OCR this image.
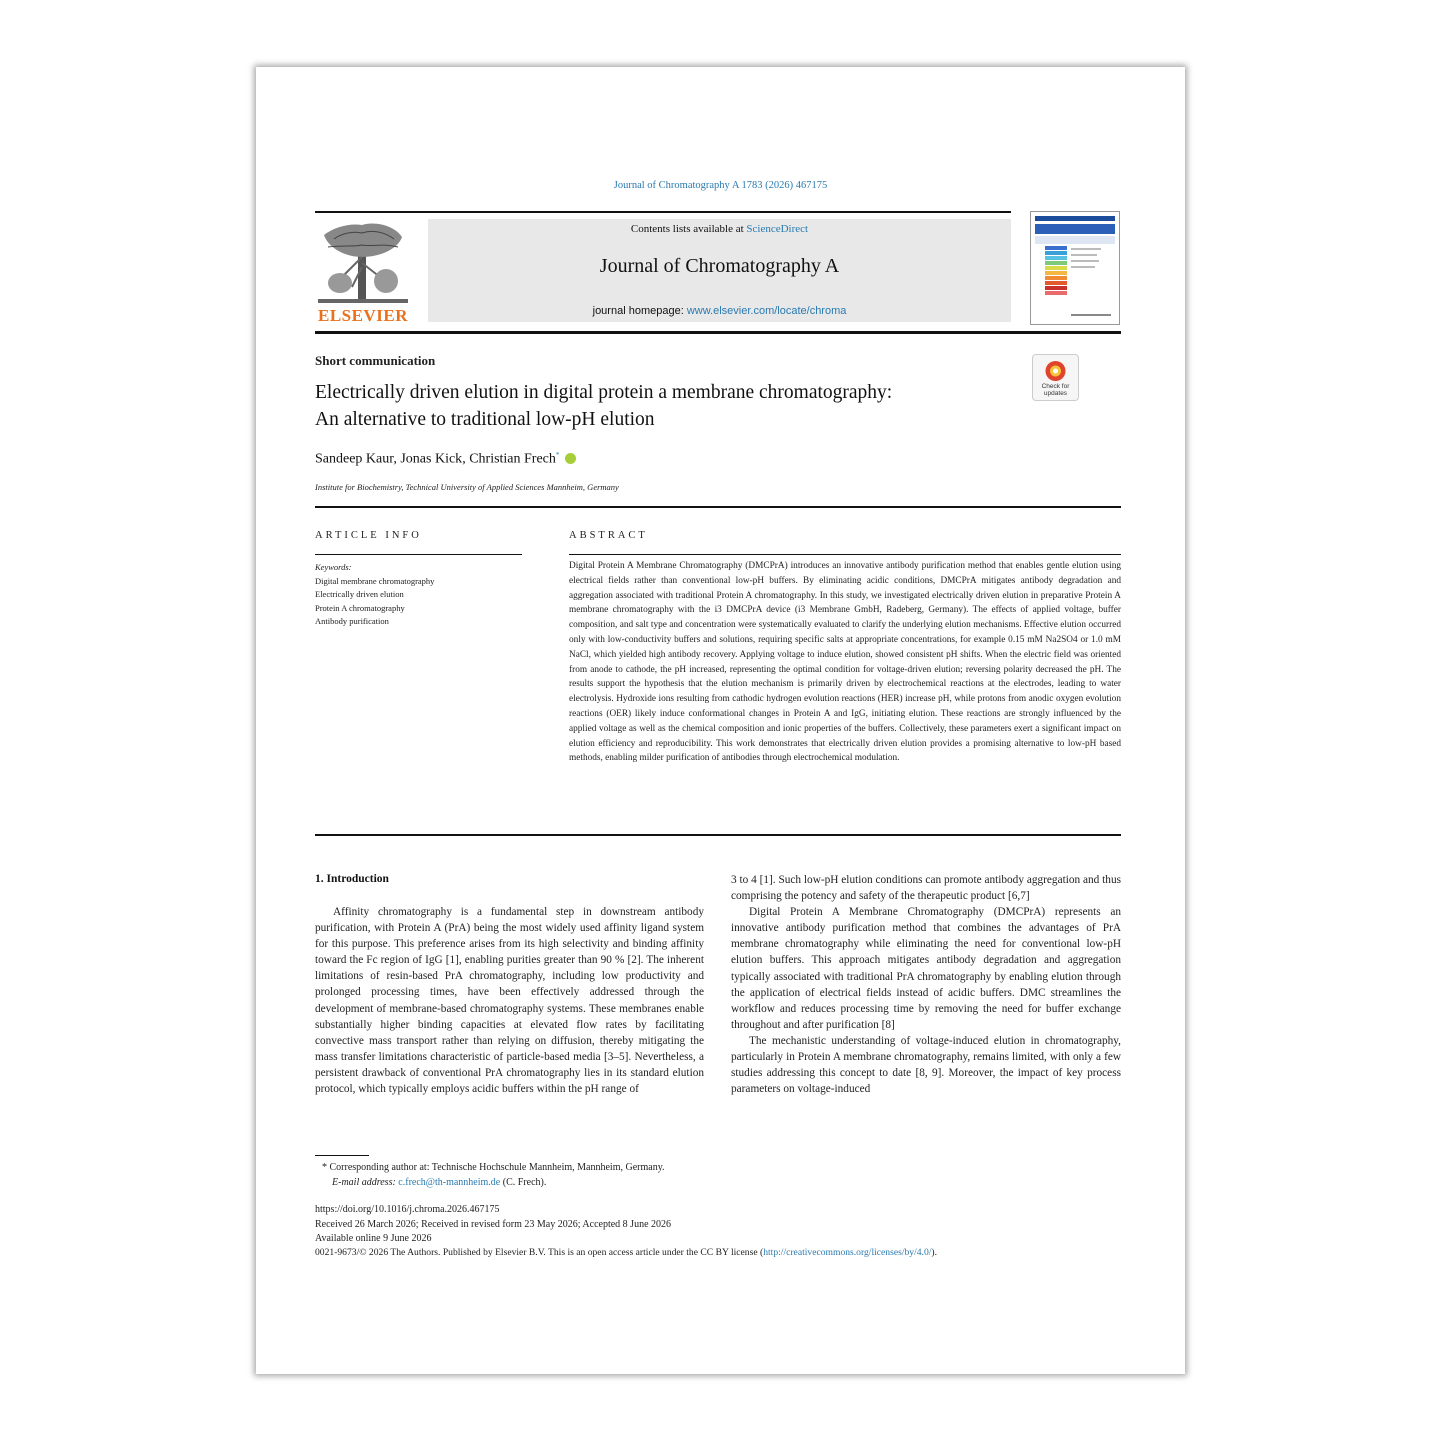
Journal of Chromatography A 1783 (2026) 467175
ELSEVIER
Contents lists available at ScienceDirect
Journal of Chromatography A
journal homepage: www.elsevier.com/locate/chroma
Short communication
Electrically driven elution in digital protein a membrane chromatography:
An alternative to traditional low-pH elution
Check for updates
Sandeep Kaur, Jonas Kick, Christian Frech*
Institute for Biochemistry, Technical University of Applied Sciences Mannheim, Germany
ARTICLE INFO
Keywords:
Digital membrane chromatography
Electrically driven elution
Protein A chromatography
Antibody purification
ABSTRACT
Digital Protein A Membrane Chromatography (DMCPrA) introduces an innovative antibody purification method that enables gentle elution using electrical fields rather than conventional low-pH buffers. By eliminating acidic conditions, DMCPrA mitigates antibody degradation and aggregation associated with traditional Protein A chromatography. In this study, we investigated electrically driven elution in preparative Protein A membrane chromatography with the i3 DMCPrA device (i3 Membrane GmbH, Radeberg, Germany). The effects of applied voltage, buffer composition, and salt type and concentration were systematically evaluated to clarify the underlying elution mechanisms. Effective elution occurred only with low-conductivity buffers and solutions, requiring specific salts at appropriate concentrations, for example 0.15 mM Na2SO4 or 1.0 mM NaCl, which yielded high antibody recovery. Applying voltage to induce elution, showed consistent pH shifts. When the electric field was oriented from anode to cathode, the pH increased, representing the optimal condition for voltage-driven elution; reversing polarity decreased the pH. The results support the hypothesis that the elution mechanism is primarily driven by electrochemical reactions at the electrodes, leading to water electrolysis. Hydroxide ions resulting from cathodic hydrogen evolution reactions (HER) increase pH, while protons from anodic oxygen evolution reactions (OER) likely induce conformational changes in Protein A and IgG, initiating elution. These reactions are strongly influenced by the applied voltage as well as the chemical composition and ionic properties of the buffers. Collectively, these parameters exert a significant impact on elution efficiency and reproducibility. This work demonstrates that electrically driven elution provides a promising alternative to low-pH based methods, enabling milder purification of antibodies through electrochemical modulation.
1. Introduction

Affinity chromatography is a fundamental step in downstream antibody purification, with Protein A (PrA) being the most widely used affinity ligand system for this purpose. This preference arises from its high selectivity and binding affinity toward the Fc region of IgG [1], enabling purities greater than 90 % [2]. The inherent limitations of resin-based PrA chromatography, including low productivity and prolonged processing times, have been effectively addressed through the development of membrane-based chromatography systems. These membranes enable substantially higher binding capacities at elevated flow rates by facilitating convective mass transport rather than relying on diffusion, thereby mitigating the mass transfer limitations characteristic of particle-based media [3–5]. Nevertheless, a persistent drawback of conventional PrA chromatography lies in its standard elution protocol, which typically employs acidic buffers within the pH range of

3 to 4 [1]. Such low-pH elution conditions can promote antibody aggregation and thus comprising the potency and safety of the therapeutic product [6,7]

Digital Protein A Membrane Chromatography (DMCPrA) represents an innovative antibody purification method that combines the advantages of PrA membrane chromatography while eliminating the need for conventional low-pH elution buffers. This approach mitigates antibody degradation and aggregation typically associated with traditional PrA chromatography by enabling elution through the application of electrical fields instead of acidic buffers. DMC streamlines the workflow and reduces processing time by removing the need for buffer exchange throughout and after purification [8]

The mechanistic understanding of voltage-induced elution in chromatography, particularly in Protein A membrane chromatography, remains limited, with only a few studies addressing this concept to date [8, 9]. Moreover, the impact of key process parameters on voltage-induced

* Corresponding author at: Technische Hochschule Mannheim, Mannheim, Germany.
E-mail address: c.frech@th-mannheim.de (C. Frech).
https://doi.org/10.1016/j.chroma.2026.467175
Received 26 March 2026; Received in revised form 23 May 2026; Accepted 8 June 2026
Available online 9 June 2026
0021-9673/© 2026 The Authors. Published by Elsevier B.V. This is an open access article under the CC BY license (http://creativecommons.org/licenses/by/4.0/).
